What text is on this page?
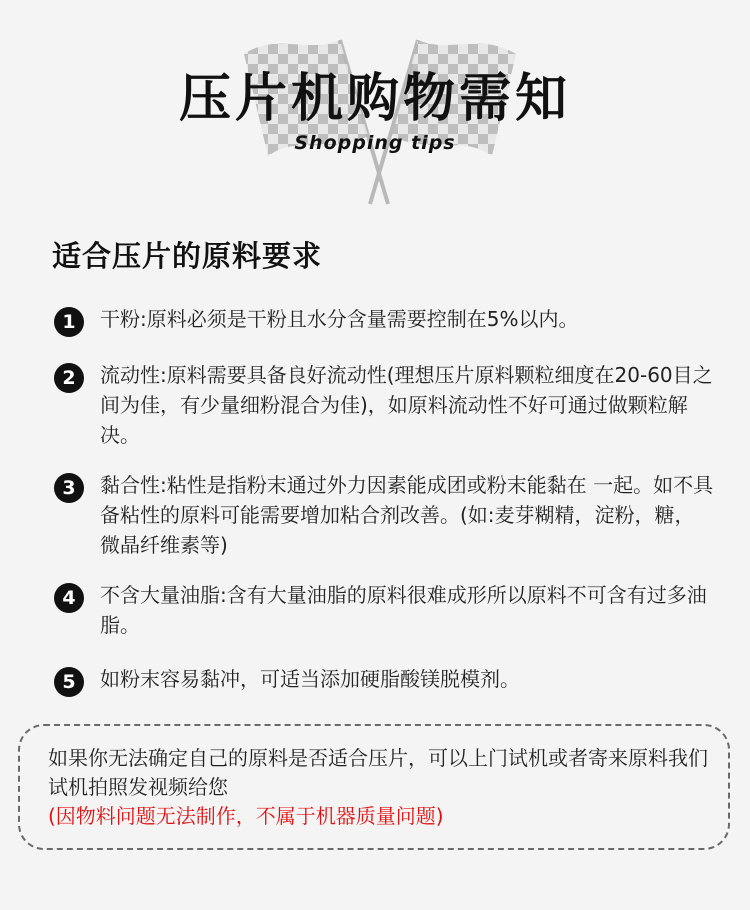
压片机购物需知
Shopping tips
适合压片的原料要求
1	干粉:原料必须是干粉且水分含量需要控制在5%以内。
2	流动性:原料需要具备良好流动性(理想压片原料颗粒细度在20-60目之间为佳，有少量细粉混合为佳)，如原料流动性不好可通过做颗粒解决。
3	黏合性:粘性是指粉末通过外力因素能成团或粉末能黏在 一起。如不具备粘性的原料可能需要增加粘合剂改善。(如:麦芽糊精，淀粉，糖，微晶纤维素等)
4	不含大量油脂:含有大量油脂的原料很难成形所以原料不可含有过多油脂。
5	如粉末容易黏冲，可适当添加硬脂酸镁脱模剂。
如果你无法确定自己的原料是否适合压片，可以上门试机或者寄来原料我们试机拍照发视频给您
(因物料问题无法制作，不属于机器质量问题)
